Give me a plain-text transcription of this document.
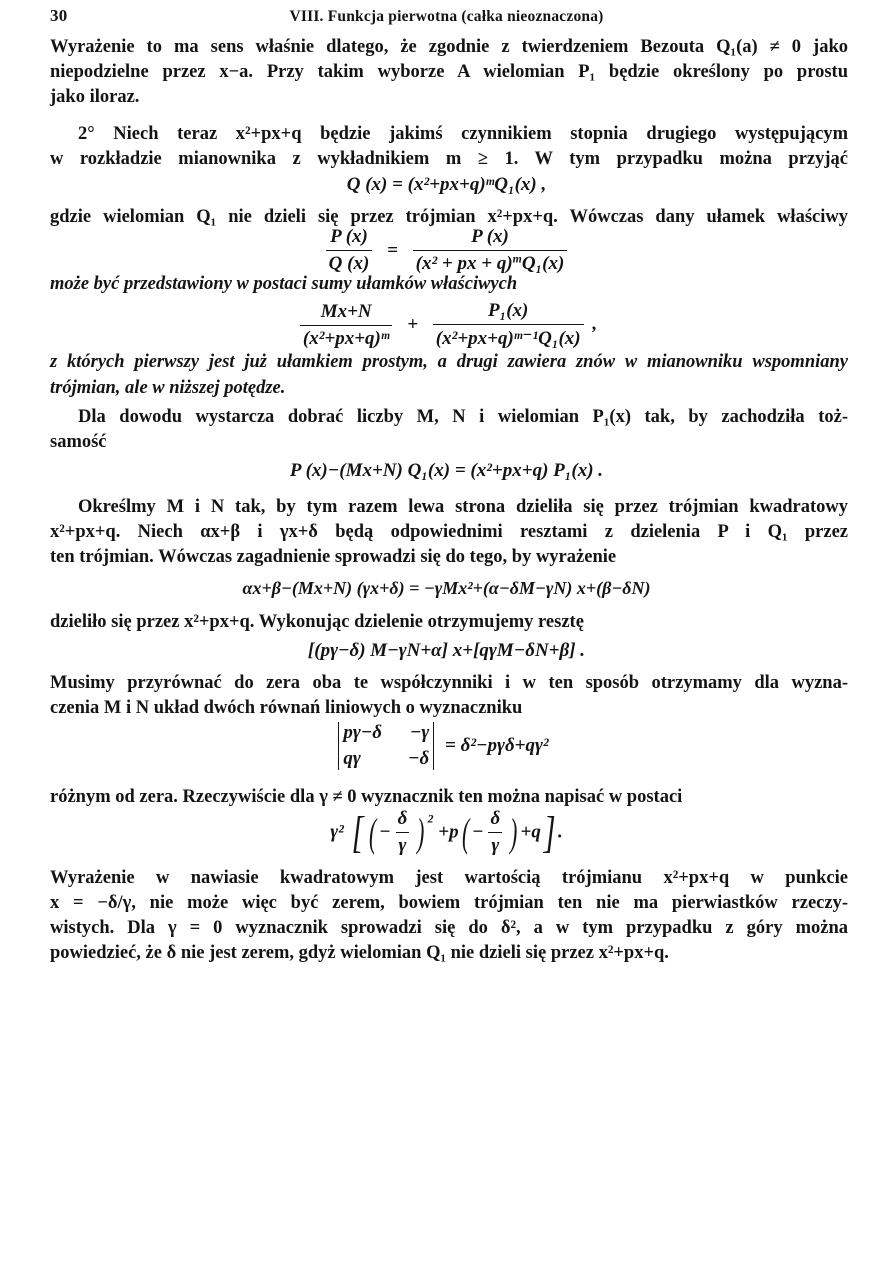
30	VIII. Funkcja pierwotna (całka nieoznaczona)
Wyrażenie to ma sens właśnie dlatego, że zgodnie z twierdzeniem Bezouta Q₁(a) ≠ 0 jako
niepodzielne przez x−a. Przy takim wyborze A wielomian P₁ będzie określony po prostu
jako iloraz.
2° Niech teraz x²+px+q będzie jakimś czynnikiem stopnia drugiego występującym
w rozkładzie mianownika z wykładnikiem m ≥ 1. W tym przypadku można przyjąć
Q (x) = (x²+px+q)ᵐQ₁(x) ,
gdzie wielomian Q₁ nie dzieli się przez trójmian x²+px+q. Wówczas dany ułamek właściwy
$\frac{P (x)}{Q (x)} = \frac{P (x)}{(x^2 + px + q)^mQ_1(x)}$
może być przedstawiony w postaci sumy ułamków właściwych
$\frac{Mx+N}{\text{(x²+px+q)ᵐ}} + \frac{\text{P₁(x)}}{\text{(x²+px+q)ᵐ⁻¹Q₁(x)}}$ ,
z których pierwszy jest już ułamkiem prostym, a drugi zawiera znów w mianowniku wspomniany
trójmian, ale w niższej potędze.
Dla dowodu wystarcza dobrać liczby M, N i wielomian P₁(x) tak, by zachodziła toż-
samość
P (x)−(Mx+N) Q₁(x) = (x²+px+q) P₁(x) .
Określmy M i N tak, by tym razem lewa strona dzieliła się przez trójmian kwadratowy
x²+px+q. Niech αx+β i γx+δ będą odpowiednimi resztami z dzielenia P i Q₁ przez
ten trójmian. Wówczas zagadnienie sprowadzi się do tego, by wyrażenie
αx+β−(Mx+N) (γx+δ) = −γMx²+(α−δM−γN) x+(β−δN)
dzieliło się przez x²+px+q. Wykonując dzielenie otrzymujemy resztę
[(pγ−δ) M−γN+α] x+[qγM−δN+β] .
Musimy przyrównać do zera oba te współczynniki i w ten sposób otrzymamy dla wyzna-
czenia M i N układ dwóch równań liniowych o wyznaczniku
pγ−δ −γ
qγ	−δ
= δ²−pγδ+qγ²
różnym od zera. Rzeczywiście dla γ ≠ 0 wyznacznik ten można napisać w postaci
γ² [ ( − $\frac{\delta}{\gamma}$ ) $^2 +p( - \frac{\delta}{\gamma}$ ) +q] .
Wyrażenie w nawiasie kwadratowym jest wartością trójmianu x²+px+q w punkcie
x = −δ/γ, nie może więc być zerem, bowiem trójmian ten nie ma pierwiastków rzeczy-
wistych. Dla γ = 0 wyznacznik sprowadzi się do δ², a w tym przypadku z góry można
powiedzieć, że δ nie jest zerem, gdyż wielomian Q₁ nie dzieli się przez x²+px+q.
